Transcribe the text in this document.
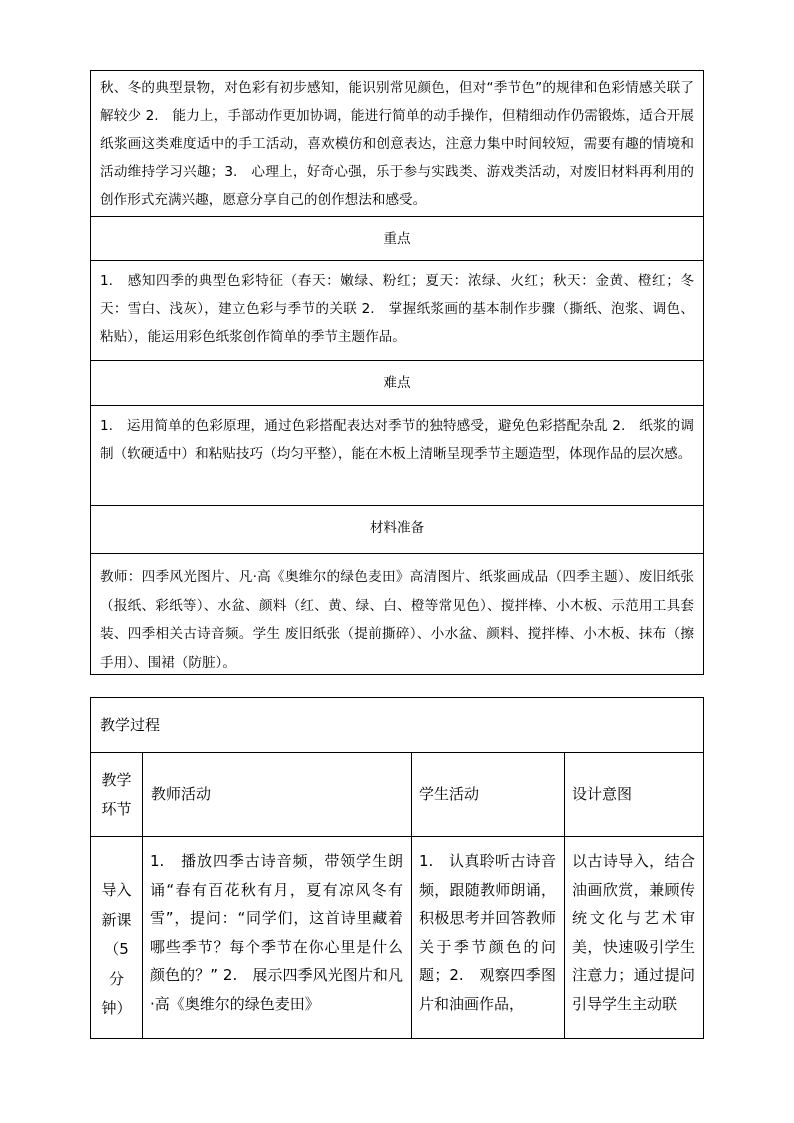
秋、冬的典型景物，对色彩有初步感知，能识别常见颜色，但对“季节色”的规律和色彩情感关联了解较少 2.　能力上，手部动作更加协调，能进行简单的动手操作，但精细动作仍需锻炼，适合开展纸浆画这类难度适中的手工活动，喜欢模仿和创意表达，注意力集中时间较短，需要有趣的情境和活动维持学习兴趣；3.　心理上，好奇心强，乐于参与实践类、游戏类活动，对废旧材料再利用的创作形式充满兴趣，愿意分享自己的创作想法和感受。

重点

1.　感知四季的典型色彩特征（春天：嫩绿、粉红；夏天：浓绿、火红；秋天：金黄、橙红；冬天：雪白、浅灰），建立色彩与季节的关联 2.　掌握纸浆画的基本制作步骤（撕纸、泡浆、调色、粘贴），能运用彩色纸浆创作简单的季节主题作品。

难点

1.　运用简单的色彩原理，通过色彩搭配表达对季节的独特感受，避免色彩搭配杂乱 2.　纸浆的调制（软硬适中）和粘贴技巧（均匀平整），能在木板上清晰呈现季节主题造型，体现作品的层次感。

材料准备

教师：四季风光图片、凡·高《奥维尔的绿色麦田》高清图片、纸浆画成品（四季主题）、废旧纸张（报纸、彩纸等）、水盆、颜料（红、黄、绿、白、橙等常见色）、搅拌棒、小木板、示范用工具套装、四季相关古诗音频。学生 废旧纸张（提前撕碎）、小水盆、颜料、搅拌棒、小木板、抹布（擦手用）、围裙（防脏）。

教学过程
教学环节
教师活动	学生活动	设计意图
导入新课（5分钟）

1.　播放四季古诗音频，带领学生朗诵“春有百花秋有月，夏有凉风冬有雪”，提问：“同学们，这首诗里藏着哪些季节？每个季节在你心里是什么颜色的？” 2.　展示四季风光图片和凡·高《奥维尔的绿色麦田》

1.　认真聆听古诗音频，跟随教师朗诵，积极思考并回答教师关于季节颜色的问题；2.　观察四季图片和油画作品，

以古诗导入，结合油画欣赏，兼顾传统文化与艺术审美，快速吸引学生注意力；通过提问引导学生主动联
